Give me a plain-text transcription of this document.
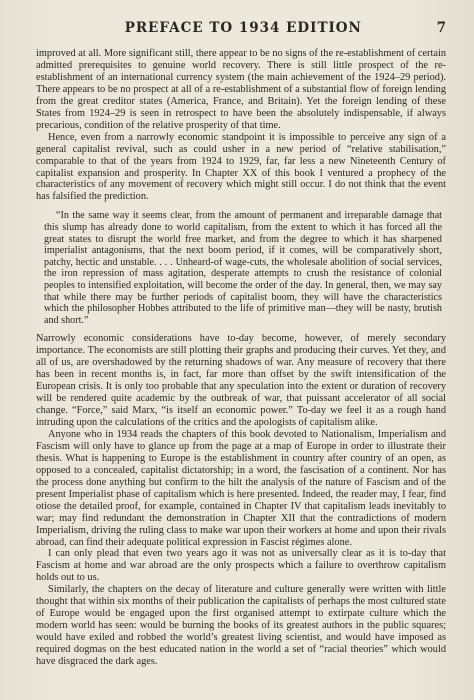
PREFACE TO 1934 EDITION	7

improved at all. More significant still, there appear to be no signs of the re-establishment of certain admitted prerequisites to genuine world recovery. There is still little prospect of the re-establishment of an international currency system (the main achievement of the 1924–29 period). There appears to be no prospect at all of a re-establishment of a substantial flow of foreign lending from the great creditor states (America, France, and Britain). Yet the foreign lending of these States from 1924–29 is seen in retrospect to have been the absolutely indispensable, if always precarious, condition of the relative prosperity of that time.

Hence, even from a narrowly economic standpoint it is impossible to perceive any sign of a general capitalist revival, such as could usher in a new period of “relative stabilisation,” comparable to that of the years from 1924 to 1929, far, far less a new Nineteenth Century of capitalist expansion and prosperity. In Chapter XX of this book I ventured a prophecy of the characteristics of any movement of recovery which might still occur. I do not think that the event has falsified the prediction.

“In the same way it seems clear, from the amount of permanent and irreparable damage that this slump has already done to world capitalism, from the extent to which it has forced all the great states to disrupt the world free market, and from the degree to which it has sharpened imperialist antagonisms, that the next boom period, if it comes, will be comparatively short, patchy, hectic and unstable. . . . Unheard-of wage-cuts, the wholesale abolition of social services, the iron repression of mass agitation, desperate attempts to crush the resistance of colonial peoples to intensified exploitation, will become the order of the day. In general, then, we may say that while there may be further periods of capitalist boom, they will have the characteristics which the philosopher Hobbes attributed to the life of primitive man—they will be nasty, brutish and short.”

Narrowly economic considerations have to-day become, however, of merely secondary importance. The economists are still plotting their graphs and producing their curves. Yet they, and all of us, are overshadowed by the returning shadows of war. Any measure of recovery that there has been in recent months is, in fact, far more than offset by the swift intensification of the European crisis. It is only too probable that any speculation into the extent or duration of recovery will be rendered quite academic by the outbreak of war, that puissant accelerator of all social change. “Force,” said Marx, “is itself an economic power.” To-day we feel it as a rough hand intruding upon the calculations of the critics and the apologists of capitalism alike.

Anyone who in 1934 reads the chapters of this book devoted to Nationalism, Imperialism and Fascism will only have to glance up from the page at a map of Europe in order to illustrate their thesis. What is happening to Europe is the establishment in country after country of an open, as opposed to a concealed, capitalist dictatorship; in a word, the fascisation of a continent. Nor has the process done anything but confirm to the hilt the analysis of the nature of Fascism and of the present Imperialist phase of capitalism which is here presented. Indeed, the reader may, I fear, find otiose the detailed proof, for example, contained in Chapter IV that capitalism leads inevitably to war; may find redundant the demonstration in Chapter XII that the contradictions of modern Imperialism, driving the ruling class to make war upon their workers at home and upon their rivals abroad, can find their adequate political expression in Fascist régimes alone.

I can only plead that even two years ago it was not as universally clear as it is to-day that Fascism at home and war abroad are the only prospects which a failure to overthrow capitalism holds out to us.

Similarly, the chapters on the decay of literature and culture generally were written with little thought that within six months of their publication the capitalists of perhaps the most cultured state of Europe would be engaged upon the first organised attempt to extirpate culture which the modern world has seen: would be burning the books of its greatest authors in the public squares; would have exiled and robbed the world’s greatest living scientist, and would have imposed as required dogmas on the best educated nation in the world a set of “racial theories” which would have disgraced the dark ages.
